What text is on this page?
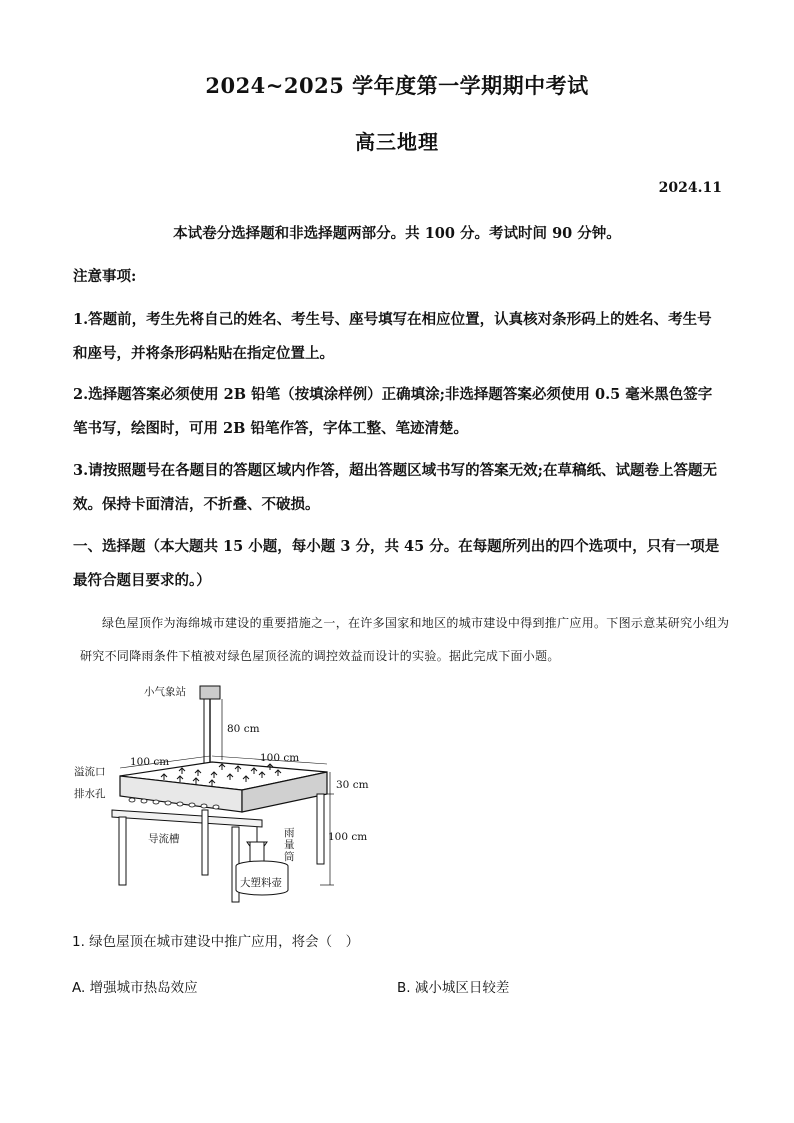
2024~2025 学年度第一学期期中考试
高三地理
2024.11
本试卷分选择题和非选择题两部分。共 100 分。考试时间 90 分钟。
注意事项:
1.答题前，考生先将自己的姓名、考生号、座号填写在相应位置，认真核对条形码上的姓名、考生号和座号，并将条形码粘贴在指定位置上。
2.选择题答案必须使用 2B 铅笔（按填涂样例）正确填涂;非选择题答案必须使用 0.5 毫米黑色签字笔书写，绘图时，可用 2B 铅笔作答，字体工整、笔迹清楚。
3.请按照题号在各题目的答题区域内作答，超出答题区域书写的答案无效;在草稿纸、试题卷上答题无效。保持卡面清洁，不折叠、不破损。
一、选择题（本大题共 15 小题，每小题 3 分，共 45 分。在每题所列出的四个选项中，只有一项是最符合题目要求的。）
绿色屋顶作为海绵城市建设的重要措施之一，在许多国家和地区的城市建设中得到推广应用。下图示意某研究小组为研究不同降雨条件下植被对绿色屋顶径流的调控效益而设计的实验。据此完成下面小题。
小气象站
80 cm
100 cm	100 cm
溢流口
排水孔
30 cm
100 cm
导流槽	雨
量
筒
大塑料壶
1. 绿色屋顶在城市建设中推广应用，将会（　）
A. 增强城市热岛效应	B. 减小城区日较差
